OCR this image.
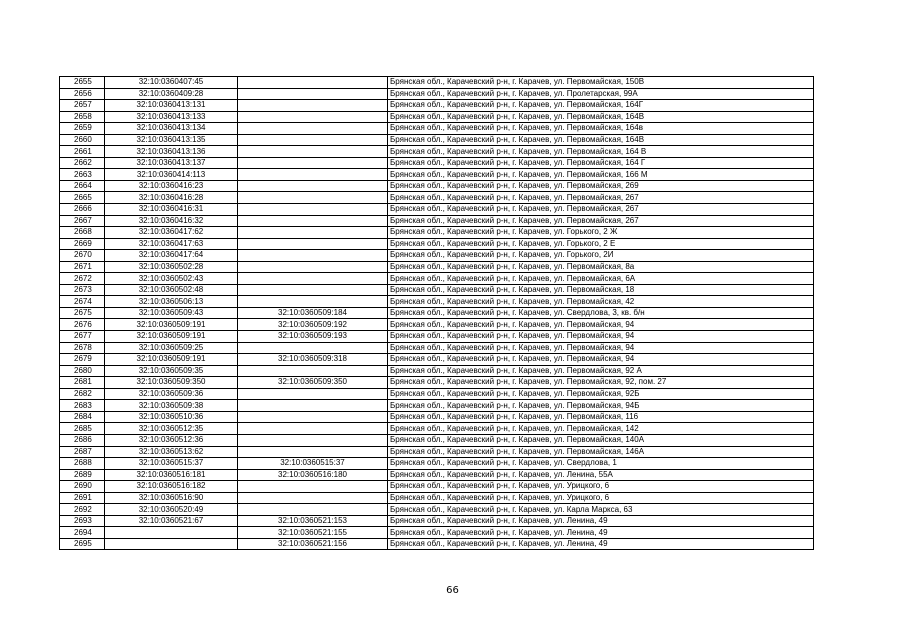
2655	32:10:0360407:45		Брянская обл., Карачевский р-н, г. Карачев, ул. Первомайская, 150В
2656	32:10:0360409:28		Брянская обл., Карачевский р-н, г. Карачев, ул. Пролетарская, 99А
2657	32:10:0360413:131		Брянская обл., Карачевский р-н, г. Карачев, ул. Первомайская, 164Г
2658	32:10:0360413:133		Брянская обл., Карачевский р-н, г. Карачев, ул. Первомайская, 164В
2659	32:10:0360413:134		Брянская обл., Карачевский р-н, г. Карачев, ул. Первомайская, 164в
2660	32:10:0360413:135		Брянская обл., Карачевский р-н, г. Карачев, ул. Первомайская, 164В
2661	32:10:0360413:136		Брянская обл., Карачевский р-н, г. Карачев, ул. Первомайская, 164 В
2662	32:10:0360413:137		Брянская обл., Карачевский р-н, г. Карачев, ул. Первомайская, 164 Г
2663	32:10:0360414:113		Брянская обл., Карачевский р-н, г. Карачев, ул. Первомайская, 166 М
2664	32:10:0360416:23		Брянская обл., Карачевский р-н, г. Карачев, ул. Первомайская, 269
2665	32:10:0360416:28		Брянская обл., Карачевский р-н, г. Карачев, ул. Первомайская, 267
2666	32:10:0360416:31		Брянская обл., Карачевский р-н, г. Карачев, ул. Первомайская, 267
2667	32:10:0360416:32		Брянская обл., Карачевский р-н, г. Карачев, ул. Первомайская, 267
2668	32:10:0360417:62		Брянская обл., Карачевский р-н, г. Карачев, ул. Горького, 2 Ж
2669	32:10:0360417:63		Брянская обл., Карачевский р-н, г. Карачев, ул. Горького, 2 Е
2670	32:10:0360417:64		Брянская обл., Карачевский р-н, г. Карачев, ул. Горького, 2И
2671	32:10:0360502:28		Брянская обл., Карачевский р-н, г. Карачев, ул. Первомайская, 8а
2672	32:10:0360502:43		Брянская обл., Карачевский р-н, г. Карачев, ул. Первомайская, 6А
2673	32:10:0360502:48		Брянская обл., Карачевский р-н, г. Карачев, ул. Первомайская, 18
2674	32:10:0360506:13		Брянская обл., Карачевский р-н, г. Карачев, ул. Первомайская, 42
2675	32:10:0360509:43	32:10:0360509:184	Брянская обл., Карачевский р-н, г. Карачев, ул. Свердлова, 3, кв. б/н
2676	32:10:0360509:191	32:10:0360509:192	Брянская обл., Карачевский р-н, г. Карачев, ул. Первомайская, 94
2677	32:10:0360509:191	32:10:0360509:193	Брянская обл., Карачевский р-н, г. Карачев, ул. Первомайская, 94
2678	32:10:0360509:25		Брянская обл., Карачевский р-н, г. Карачев, ул. Первомайская, 94
2679	32:10:0360509:191	32:10:0360509:318	Брянская обл., Карачевский р-н, г. Карачев, ул. Первомайская, 94
2680	32:10:0360509:35		Брянская обл., Карачевский р-н, г. Карачев, ул. Первомайская, 92 А
2681	32:10:0360509:350	32:10:0360509:350	Брянская обл., Карачевский р-н, г. Карачев, ул. Первомайская, 92, пом. 27
2682	32:10:0360509:36		Брянская обл., Карачевский р-н, г. Карачев, ул. Первомайская, 92Б
2683	32:10:0360509:38		Брянская обл., Карачевский р-н, г. Карачев, ул. Первомайская, 94Б
2684	32:10:0360510:36		Брянская обл., Карачевский р-н, г. Карачев, ул. Первомайская, 116
2685	32:10:0360512:35		Брянская обл., Карачевский р-н, г. Карачев, ул. Первомайская, 142
2686	32:10:0360512:36		Брянская обл., Карачевский р-н, г. Карачев, ул. Первомайская, 140А
2687	32:10:0360513:62		Брянская обл., Карачевский р-н, г. Карачев, ул. Первомайская, 146А
2688	32:10:0360515:37	32:10:0360515:37	Брянская обл., Карачевский р-н, г. Карачев, ул. Свердлова, 1
2689	32:10:0360516:181	32:10:0360516:180	Брянская обл., Карачевский р-н, г. Карачев, ул. Ленина, 55А
2690	32:10:0360516:182		Брянская обл., Карачевский р-н, г. Карачев, ул. Урицкого, 6
2691	32:10:0360516:90		Брянская обл., Карачевский р-н, г. Карачев, ул. Урицкого, 6
2692	32:10:0360520:49		Брянская обл., Карачевский р-н, г. Карачев, ул. Карла Маркса, 63
2693	32:10:0360521:67	32:10:0360521:153	Брянская обл., Карачевский р-н, г. Карачев, ул. Ленина, 49
2694		32:10:0360521:155	Брянская обл., Карачевский р-н, г. Карачев, ул. Ленина, 49
2695		32:10:0360521:156	Брянская обл., Карачевский р-н, г. Карачев, ул. Ленина, 49
66
